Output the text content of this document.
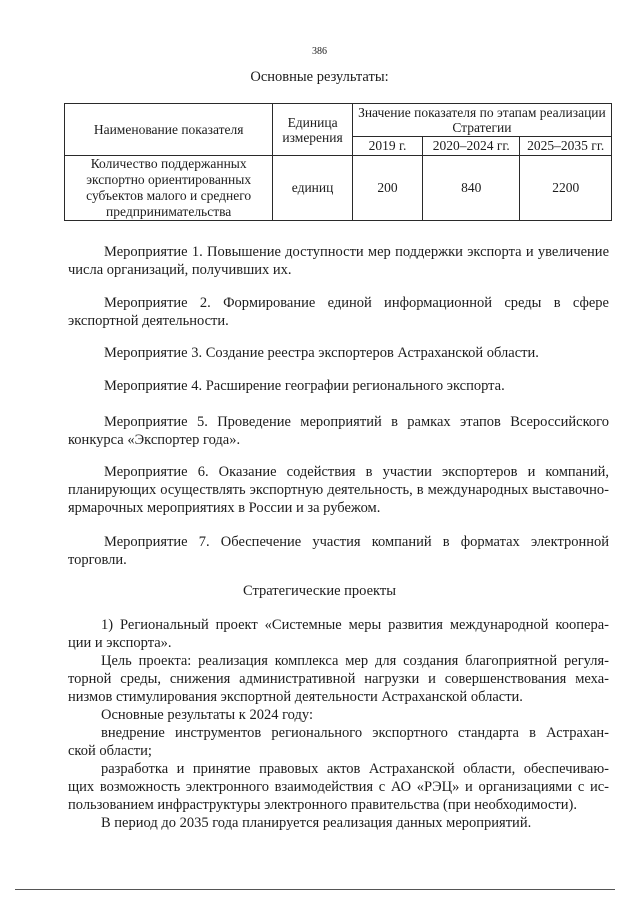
386
Основные результаты:
Наименование показателя	Единица измерения	Значение показателя по этапам реализации Стратегии		
		2019 г.	2020–2024 гг.	2025–2035 гг.
Количество поддержанных экспортно ориентированных субъектов малого и среднего предпринимательства	единиц	200	840	2200

Мероприятие 1. Повышение доступности мер поддержки экспорта и увеличение числа организаций, получивших их.

Мероприятие 2. Формирование единой информационной среды в сфере экспортной деятельности.

Мероприятие 3. Создание реестра экспортеров Астраханской области.

Мероприятие 4. Расширение географии регионального экспорта.

Мероприятие 5. Проведение мероприятий в рамках этапов Всероссийского конкурса «Экспортер года».

Мероприятие 6. Оказание содействия в участии экспортеров и компаний, планирующих осуществлять экспортную деятельность, в международных выставочно-ярмарочных мероприятиях в России и за рубежом.

Мероприятие 7. Обеспечение участия компаний в форматах электронной торговли.

Стратегические проекты
1) Региональный проект «Системные меры развития международной коопера-
ции и экспорта».
Цель проекта: реализация комплекса мер для создания благоприятной регуля-
торной среды, снижения административной нагрузки и совершенствования меха-
низмов стимулирования экспортной деятельности Астраханской области.
Основные результаты к 2024 году:
внедрение инструментов регионального экспортного стандарта в Астрахан-
ской области;
разработка и принятие правовых актов Астраханской области, обеспечиваю-
щих возможность электронного взаимодействия с АО «РЭЦ» и организациями с ис-
пользованием инфраструктуры электронного правительства (при необходимости).
В период до 2035 года планируется реализация данных мероприятий.
